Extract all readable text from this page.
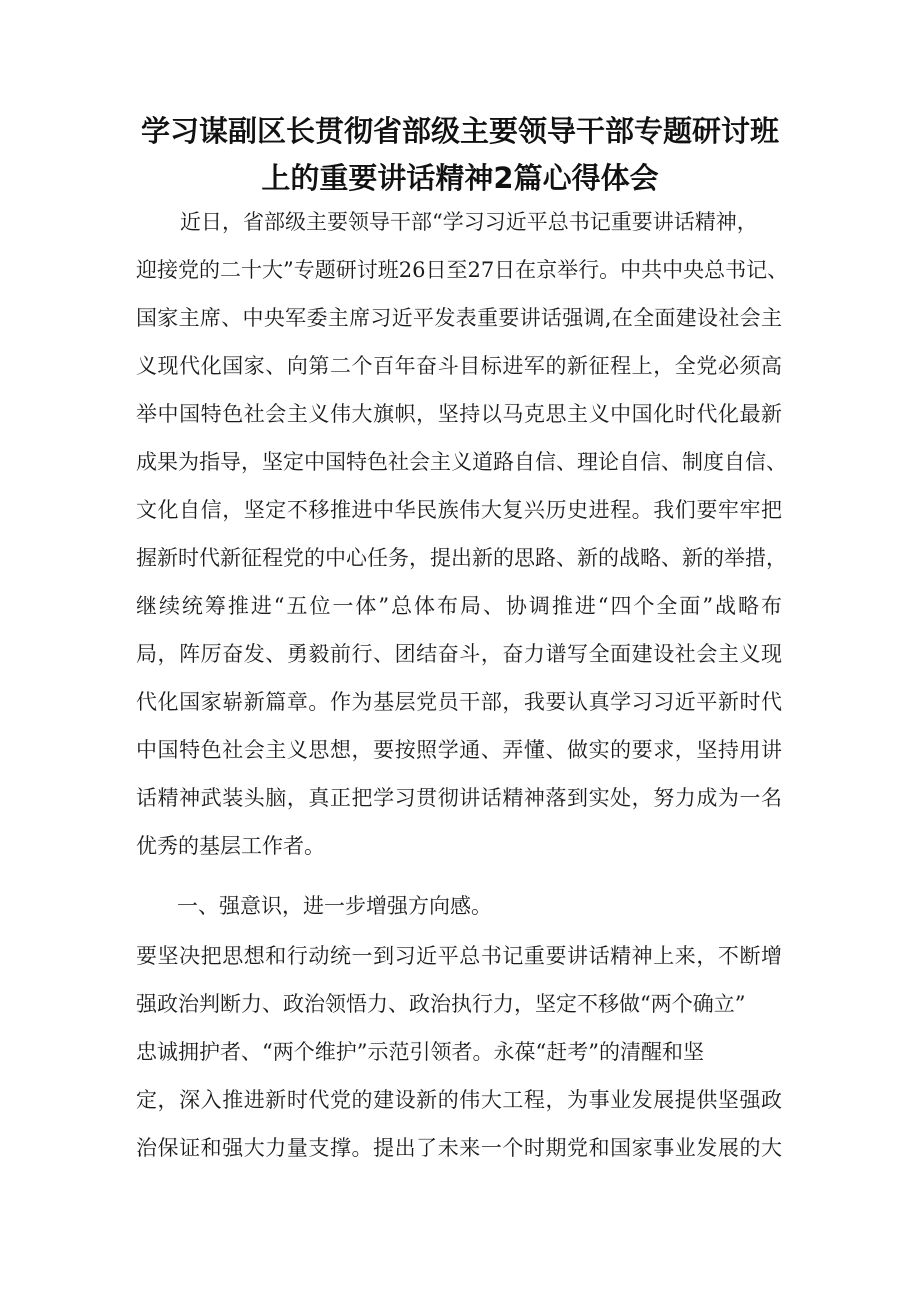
学习谋副区长贯彻省部级主要领导干部专题研讨班
上的重要讲话精神2篇心得体会
近日，省部级主要领导干部“学习习近平总书记重要讲话精神，
迎接党的二十大”专题研讨班26日至27日在京举行。中共中央总书记、
国家主席、中央军委主席习近平发表重要讲话强调,在全面建设社会主
义现代化国家、向第二个百年奋斗目标进军的新征程上，全党必须高
举中国特色社会主义伟大旗帜，坚持以马克思主义中国化时代化最新
成果为指导，坚定中国特色社会主义道路自信、理论自信、制度自信、
文化自信，坚定不移推进中华民族伟大复兴历史进程。我们要牢牢把
握新时代新征程党的中心任务，提出新的思路、新的战略、新的举措，
继续统筹推进“五位一体”总体布局、协调推进“四个全面”战略布
局，阵厉奋发、勇毅前行、团结奋斗，奋力谱写全面建设社会主义现
代化国家崭新篇章。作为基层党员干部，我要认真学习习近平新时代
中国特色社会主义思想，要按照学通、弄懂、做实的要求，坚持用讲
话精神武装头脑，真正把学习贯彻讲话精神落到实处，努力成为一名
优秀的基层工作者。
一、强意识，进一步增强方向感。
要坚决把思想和行动统一到习近平总书记重要讲话精神上来，不断增
强政治判断力、政治领悟力、政治执行力，坚定不移做“两个确立”
忠诚拥护者、“两个维护”示范引领者。永葆“赶考”的清醒和坚
定，深入推进新时代党的建设新的伟大工程，为事业发展提供坚强政
治保证和强大力量支撑。提出了未来一个时期党和国家事业发展的大
